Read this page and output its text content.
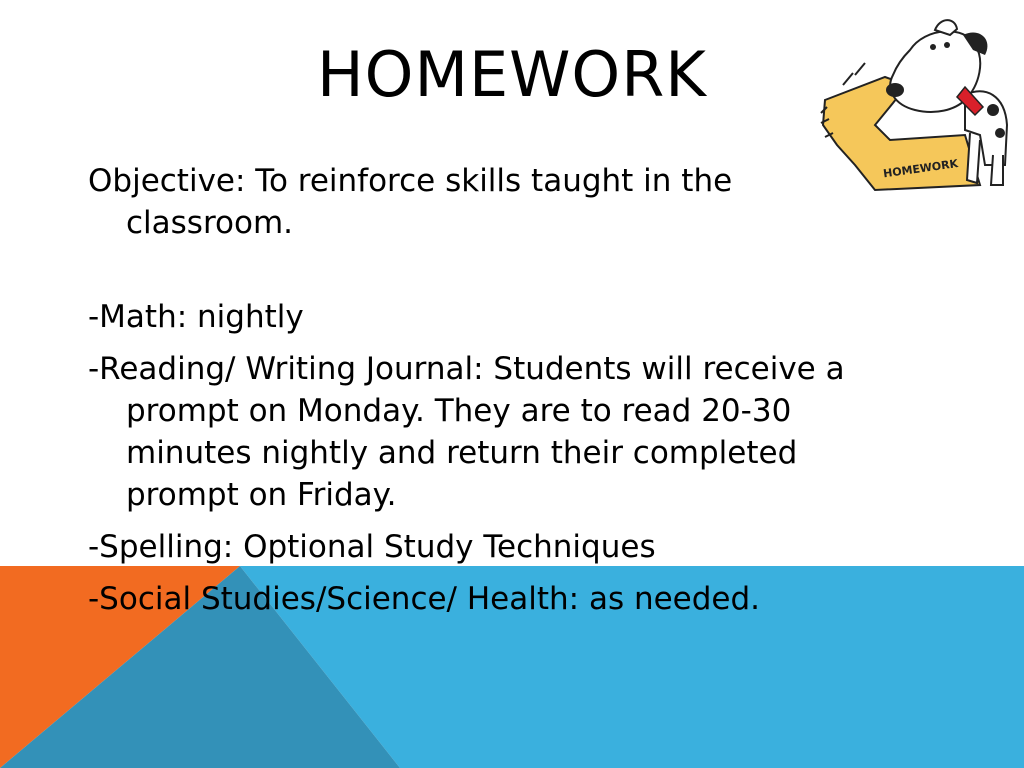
HOMEWORK
HOMEWORK

Objective: To reinforce skills taught in the classroom.

-Math: nightly

-Reading/ Writing Journal: Students will receive a prompt on Monday. They are to read 20-30 minutes nightly and return their completed prompt on Friday.

-Spelling: Optional Study Techniques

-Social Studies/Science/ Health: as needed.
